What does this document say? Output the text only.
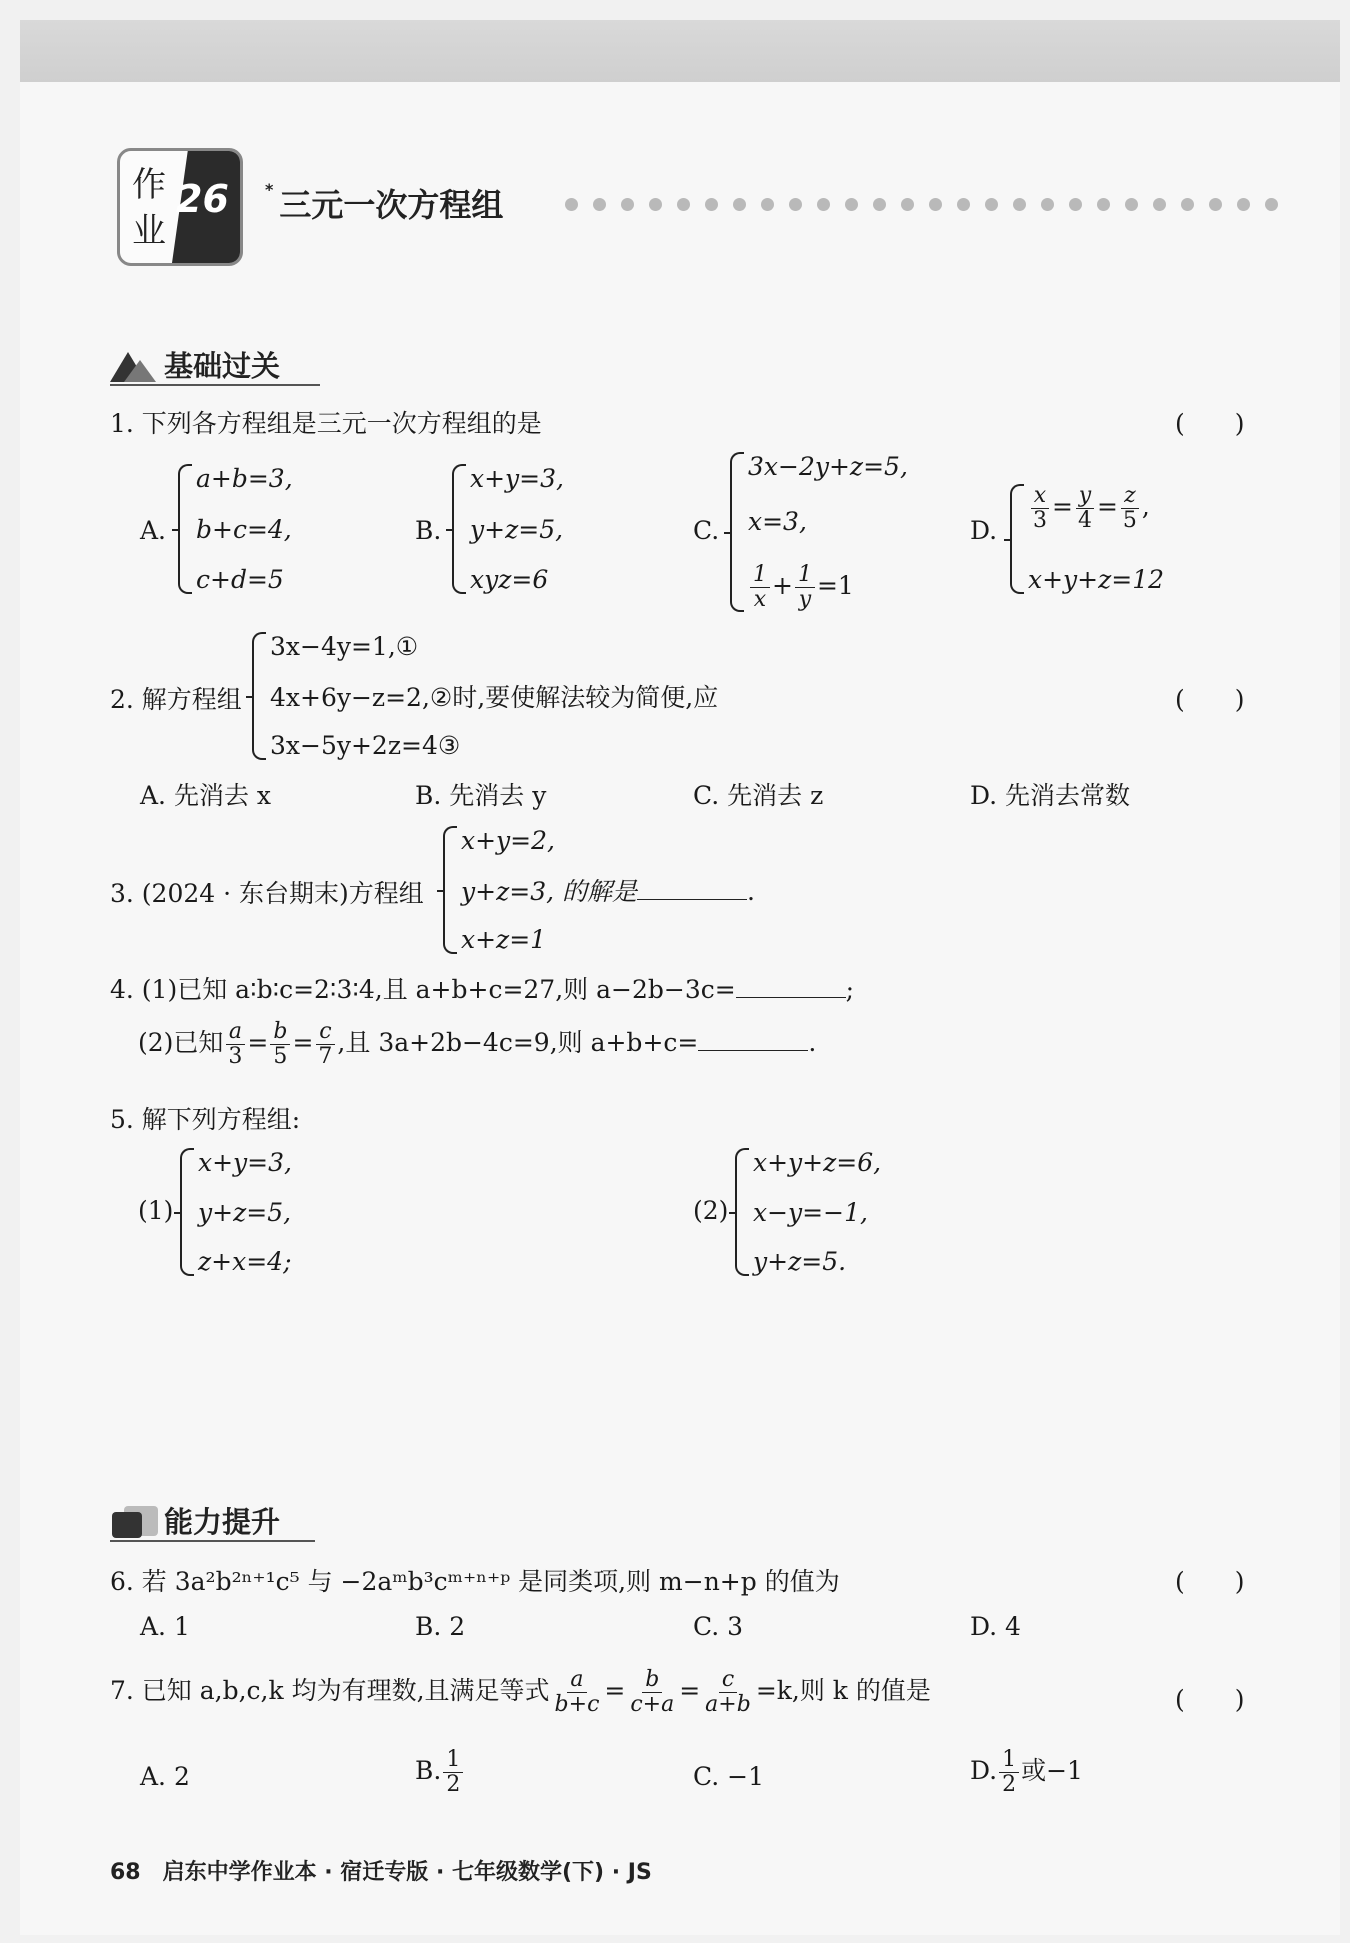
作
业
26 * 三元一次方程组
基础过关
1. 下列各方程组是三元一次方程组的是	(　　)
A.
a+b=3,
b+c=4,
c+d=5
B.
x+y=3,
y+z=5,
xyz=6
C.
3x−2y+z=5,
x=3,
$\frac{1}{x} + \frac{1}{y} =1$
D. $\frac{x}{3} = \frac{y}{4} = \frac{z}{5}$ ,
x+y+z=12
2. 解方程组
3x−4y=1,①
4x+6y−z=2,②时,要使解法较为简便,应
3x−5y+2z=4③
(　　)
A. 先消去 x	B. 先消去 y	C. 先消去 z	D. 先消去常数
3. (2024 · 东台期末)方程组
x+y=2,
y+z=3, 的解是	.
x+z=1
4. (1)已知 a∶b∶c=2∶3∶4,且 a+b+c=27,则 a−2b−3c=	;
(2)已知 $\frac{a}{3} = \frac{b}{5} = \frac{c}{7}$ ,且 3a+2b−4c=9,则 a+b+c=	.
5. 解下列方程组:
(1)
x+y=3,
y+z=5,
z+x=4;
(2)
x+y+z=6,
x−y=−1,
y+z=5.
能力提升
6. 若 3a²b²ⁿ⁺¹c⁵ 与 −2aᵐb³cᵐ⁺ⁿ⁺ᵖ 是同类项,则 m−n+p 的值为	(　　)
A. 1	B. 2	C. 3	D. 4
7. 已知 a,b,c,k 均为有理数,且满足等式 $\frac{a}{b+c} = \frac{b}{c+a} = \frac{c}{a+b} =k$,则 k 的值是	(　　)
A. 2	B. $\frac{1}{2}$	C. −1	D. $\frac{1}{2}$ 或−1
68　启东中学作业本 · 宿迁专版 · 七年级数学(下) · JS
